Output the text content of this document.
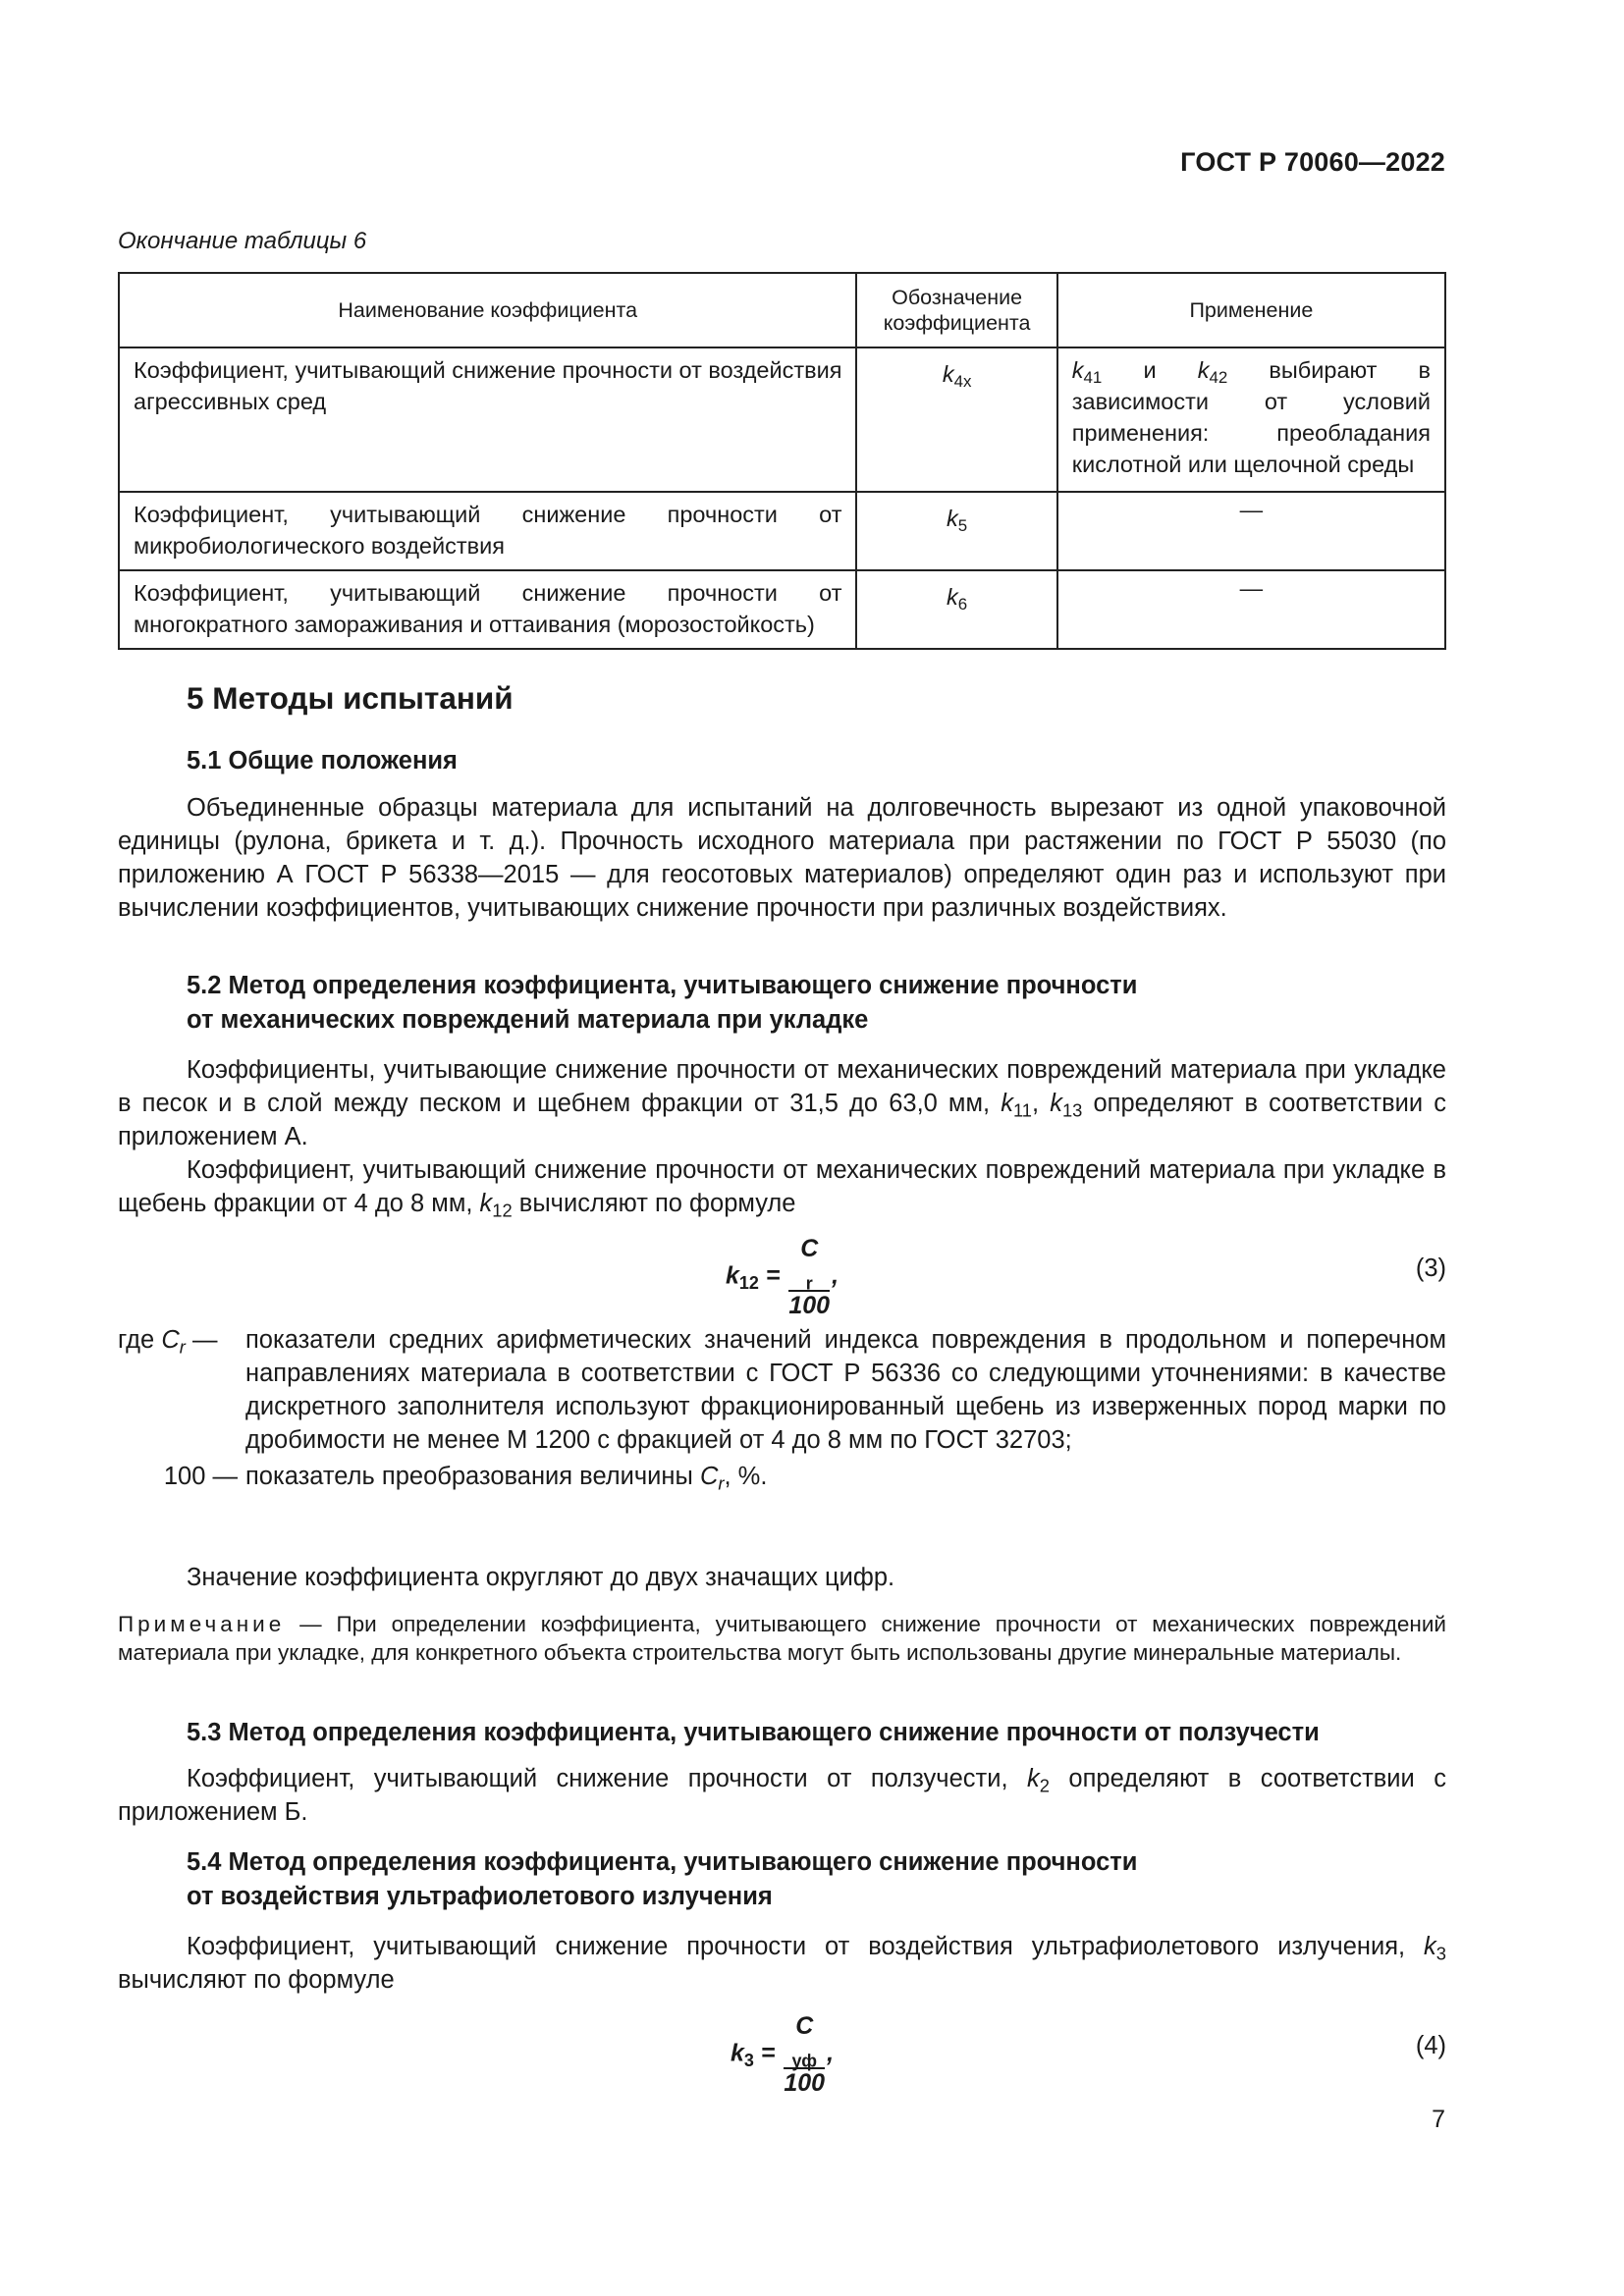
ГОСТ Р 70060—2022
Окончание таблицы 6
Наименование коэффициента	Обозначение коэффициента	Применение
Коэффициент, учитывающий снижение прочности от воздействия агрессивных сред	$k_{4x}$	$k_{41}$ и $k_{42}$ выбирают в зависимости от условий применения: преобладания кислотной или щелочной среды
Коэффициент, учитывающий снижение прочности от микробиологического воздействия	$k_5$	—
Коэффициент, учитывающий снижение прочности от многократного замораживания и оттаивания (морозостойкость)	$k_6$	—
5 Методы испытаний
5.1 Общие положения
Объединенные образцы материала для испытаний на долговечность вырезают из одной упаковочной единицы (рулона, брикета и т. д.). Прочность исходного материала при растяжении по ГОСТ Р 55030 (по приложению А ГОСТ Р 56338—2015 — для геосотовых материалов) определяют один раз и используют при вычислении коэффициентов, учитывающих снижение прочности при различных воздействиях.
5.2 Метод определения коэффициента, учитывающего снижение прочности
от механических повреждений материала при укладке
Коэффициенты, учитывающие снижение прочности от механических повреждений материала при укладке в песок и в слой между песком и щебнем фракции от 31,5 до 63,0 мм, $k_{11}$, $k_{13}$ определяют в соответствии с приложением А.
Коэффициент, учитывающий снижение прочности от механических повреждений материала при укладке в щебень фракции от 4 до 8 мм, $k_{12}$ вычисляют по формуле
$k_{12} = C$
$_r$
100 ,	(3)
где $C_r$ —	показатели средних арифметических значений индекса повреждения в продольном и поперечном направлениях материала в соответствии с ГОСТ Р 56336 со следующими уточнениями: в качестве дискретного заполнителя используют фракционированный щебень из изверженных пород марки по дробимости не менее М 1200 с фракцией от 4 до 8 мм по ГОСТ 32703;
100 — показатель преобразования величины $C_r$, %.
Значение коэффициента округляют до двух значащих цифр.
Примечание — При определении коэффициента, учитывающего снижение прочности от механических повреждений материала при укладке, для конкретного объекта строительства могут быть использованы другие минеральные материалы.
5.3 Метод определения коэффициента, учитывающего снижение прочности от ползучести
Коэффициент, учитывающий снижение прочности от ползучести, $k_2$ определяют в соответствии с приложением Б.
5.4 Метод определения коэффициента, учитывающего снижение прочности
от воздействия ультрафиолетового излучения
Коэффициент, учитывающий снижение прочности от воздействия ультрафиолетового излучения, $k_3$ вычисляют по формуле
$k_3 = C$
$_{уф}$
100 ,	(4)
7
